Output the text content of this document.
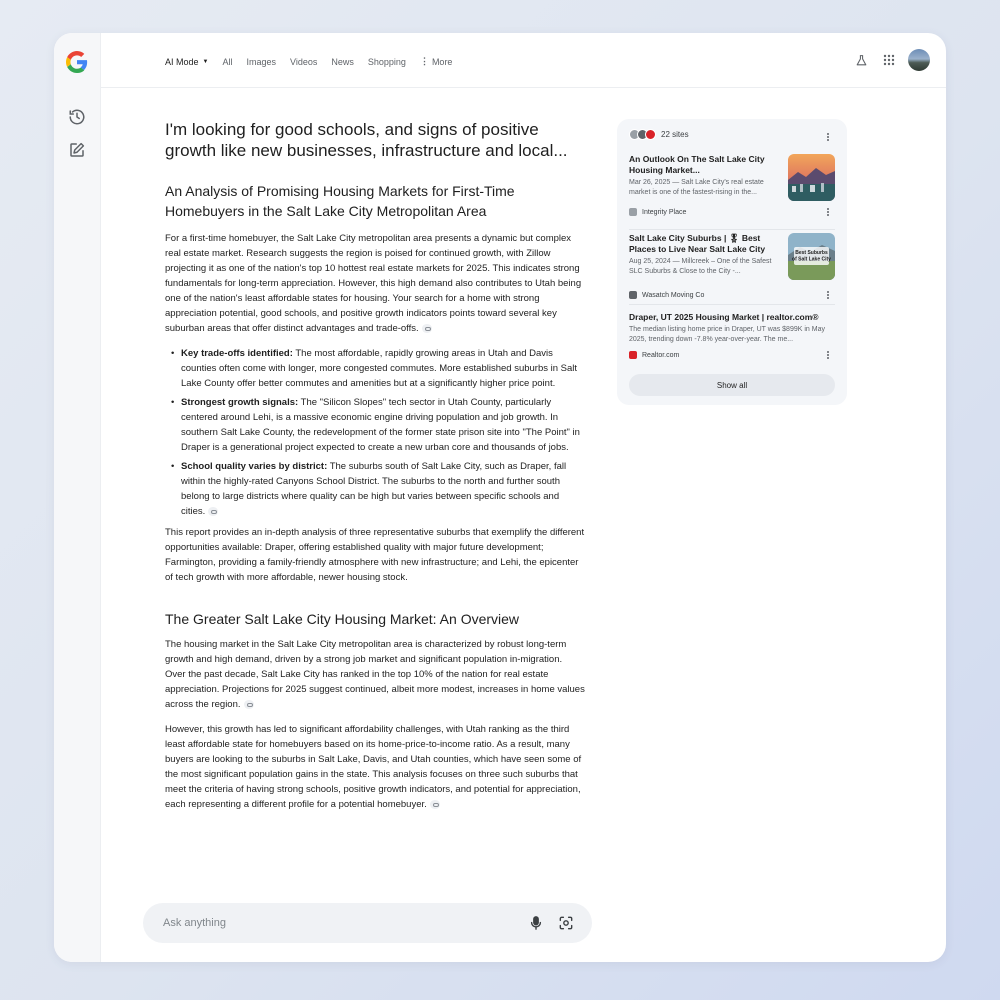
AI Mode ▼ All Images Videos News Shopping ⋮ More
I'm looking for good schools, and signs of positive growth like new businesses, infrastructure and local...
An Analysis of Promising Housing Markets for First-Time Homebuyers in the Salt Lake City Metropolitan Area

For a first-time homebuyer, the Salt Lake City metropolitan area presents a dynamic but complex real estate market. Research suggests the region is poised for continued growth, with Zillow projecting it as one of the nation's top 10 hottest real estate markets for 2025. This indicates strong fundamentals for long-term appreciation. However, this high demand also contributes to Utah being one of the nation's least affordable states for housing. Your search for a home with strong appreciation potential, good schools, and positive growth indicators points toward several key suburban areas that offer distinct advantages and trade-offs.

• Key trade-offs identified: The most affordable, rapidly growing areas in Utah and Davis counties often come with longer, more congested commutes. More established suburbs in Salt Lake County offer better commutes and amenities but at a significantly higher price point.
• Strongest growth signals: The "Silicon Slopes" tech sector in Utah County, particularly centered around Lehi, is a massive economic engine driving population and job growth. In southern Salt Lake County, the redevelopment of the former state prison site into "The Point" in Draper is a generational project expected to create a new urban core and thousands of jobs.
• School quality varies by district: The suburbs south of Salt Lake City, such as Draper, fall within the highly-rated Canyons School District. The suburbs to the north and further south belong to large districts where quality can be high but varies between specific schools and cities.

This report provides an in-depth analysis of three representative suburbs that exemplify the different opportunities available: Draper, offering established quality with major future development; Farmington, providing a family-friendly atmosphere with new infrastructure; and Lehi, the epicenter of tech growth with more affordable, newer housing stock.

The Greater Salt Lake City Housing Market: An Overview

The housing market in the Salt Lake City metropolitan area is characterized by robust long-term growth and high demand, driven by a strong job market and significant population in-migration. Over the past decade, Salt Lake City has ranked in the top 10% of the nation for real estate appreciation. Projections for 2025 suggest continued, albeit more modest, increases in home values across the region.

However, this growth has led to significant affordability challenges, with Utah ranking as the third least affordable state for homebuyers based on its home-price-to-income ratio. As a result, many buyers are looking to the suburbs in Salt Lake, Davis, and Utah counties, which have seen some of the most significant population gains in the state. This analysis focuses on three such suburbs that meet the criteria of having strong schools, positive growth indicators, and potential for appreciation, each representing a different profile for a potential homebuyer.

22 sites
An Outlook On The Salt Lake City Housing Market...
Mar 26, 2025 — Salt Lake City's real estate market is one of the fastest-rising in the...
Integrity Place
Salt Lake City Suburbs | 🎖 Best Places to Live Near Salt Lake City
Aug 25, 2024 — Millcreek – One of the Safest SLC Suburbs & Close to the City -...
Best Suburbs
of Salt Lake City
Wasatch Moving Co
Draper, UT 2025 Housing Market | realtor.com®
The median listing home price in Draper, UT was $899K in May 2025, trending down -7.8% year-over-year. The me...
Realtor.com
Show all
Ask anything
